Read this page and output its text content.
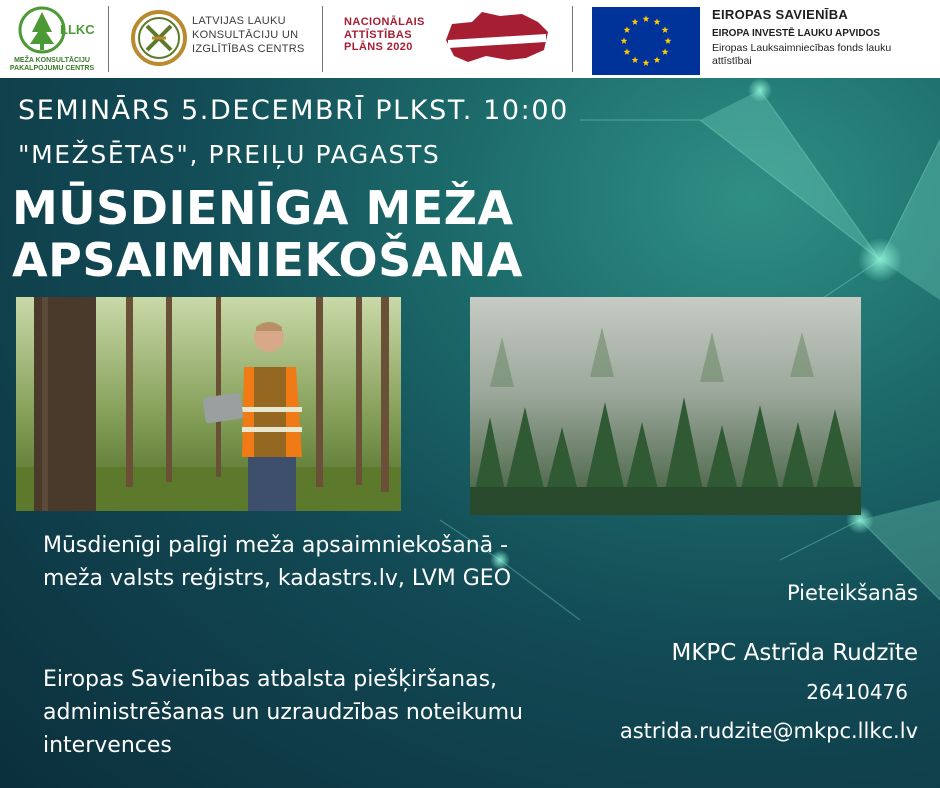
LLKC
MEŽA KONSULTĀCIJU PAKALPOJUMU CENTRS
LATVIJAS LAUKU KONSULTĀCIJU UN IZGLĪTĪBAS CENTRS
NACIONĀLAIS ATTĪSTĪBAS PLĀNS 2020
EIROPAS SAVIENĪBA
EIROPA INVESTĒ LAUKU APVIDOS
Eiropas Lauksaimniecības fonds lauku attīstībai
SEMINĀRS 5.DECEMBRĪ PLKST. 10:00
"MEŽSĒTAS", PREIĻU PAGASTS
MŪSDIENĪGA MEŽA APSAIMNIEKOŠANA
Mūsdienīgi palīgi meža apsaimniekošanā - meža valsts reģistrs, kadastrs.lv, LVM GEO
Eiropas Savienības atbalsta piešķiršanas, administrēšanas un uzraudzības noteikumu intervences
Pieteikšanās
MKPC Astrīda Rudzīte
26410476
astrida.rudzite@mkpc.llkc.lv
